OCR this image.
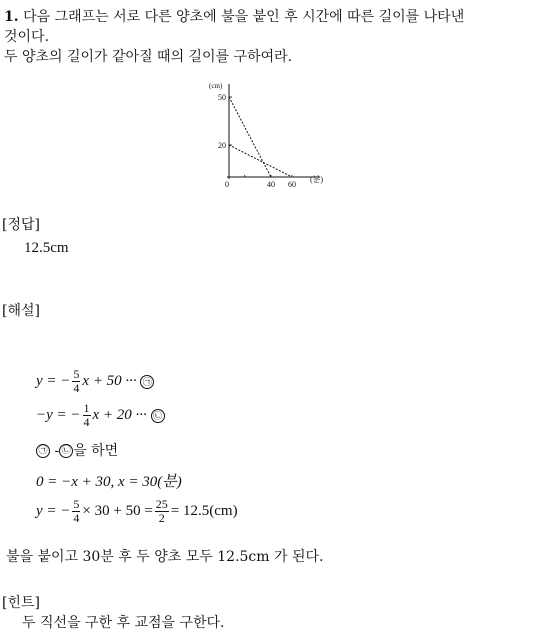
1. 다음 그래프는 서로 다른 양초에 불을 붙인 후 시간에 따른 길이를 나타낸
것이다.
두 양초의 길이가 같아질 때의 길이를 구하여라.
(cm)
(분)
0	40 60
20
50
[정답]
12.5cm
[해설]
y = − $\frac{5}{4}$ x + 50 ··· ㉠
−y = − $\frac{1}{4}$ x + 20 ··· ㉡
㉠ - ㉡ 을 하면
0 = −x + 30, x = 30(분)
y = − $\frac{5}{4} \times 30 + 50 = \frac{25}{2} = 12.5(cm)$
불을 붙이고 30분 후 두 양초 모두 12.5cm 가 된다.
[힌트]
두 직선을 구한 후 교점을 구한다.
